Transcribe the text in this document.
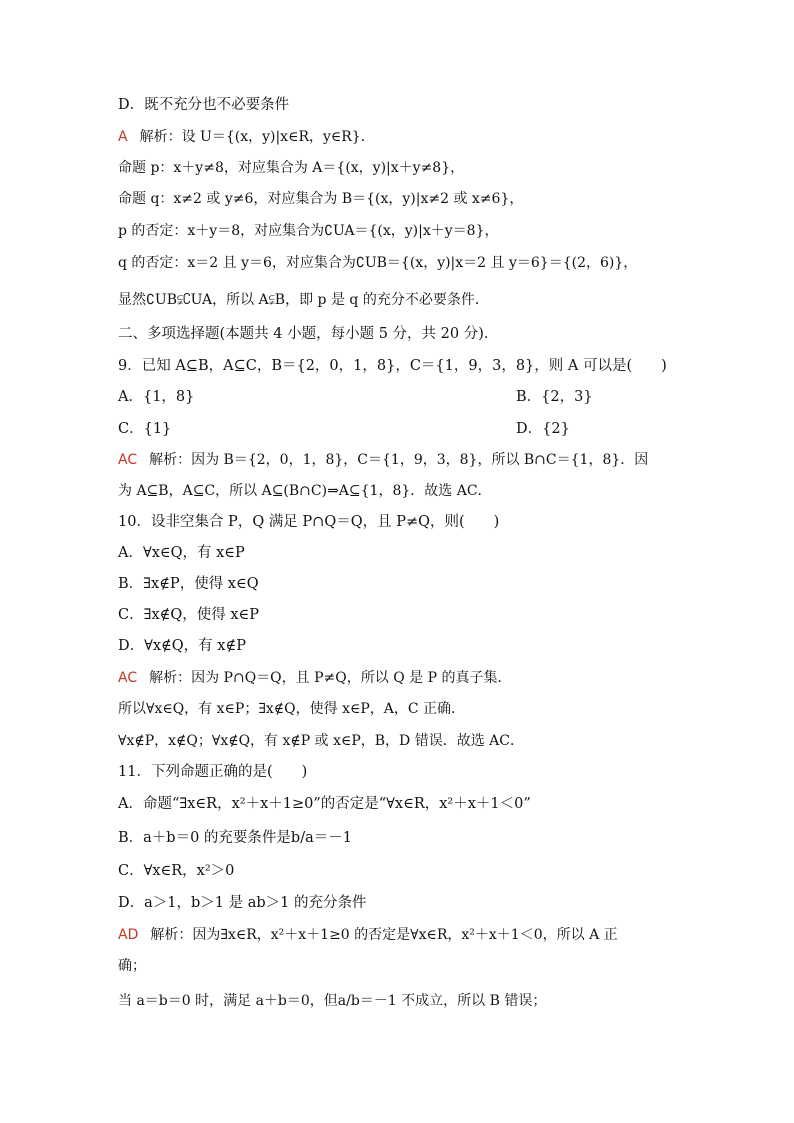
D．既不充分也不必要条件
A 解析：设 U＝{(x，y)|x∈R，y∈R}．
命题 p：x＋y≠8，对应集合为 A＝{(x，y)|x＋y≠8}，
命题 q：x≠2 或 y≠6，对应集合为 B＝{(x，y)|x≠2 或 x≠6}，
p 的否定：x＋y＝8，对应集合为∁UA＝{(x，y)|x＋y＝8}，
q 的否定：x＝2 且 y＝6，对应集合为∁UB＝{(x，y)|x＝2 且 y＝6}＝{(2，6)}，
显然∁UB⫋∁UA，所以 A⫋B，即 p 是 q 的充分不必要条件．
二、多项选择题(本题共 4 小题，每小题 5 分，共 20 分)．
9．已知 A⊆B，A⊆C，B＝{2，0，1，8}，C＝{1，9，3，8}，则 A 可以是(　　)
A．{1，8}	B．{2，3}
C．{1}	D．{2}
AC 解析：因为 B＝{2，0，1，8}，C＝{1，9，3，8}，所以 B∩C＝{1，8}．因
为 A⊆B，A⊆C，所以 A⊆(B∩C)⇒A⊆{1，8}．故选 AC．
10．设非空集合 P，Q 满足 P∩Q＝Q，且 P≠Q，则(　　)
A．∀x∈Q，有 x∈P
B．∃x∉P，使得 x∈Q
C．∃x∉Q，使得 x∈P
D．∀x∉Q，有 x∉P
AC 解析：因为 P∩Q＝Q，且 P≠Q，所以 Q 是 P 的真子集．
所以∀x∈Q，有 x∈P；∃x∉Q，使得 x∈P，A，C 正确．
∀x∉P，x∉Q；∀x∉Q，有 x∉P 或 x∈P，B，D 错误．故选 AC．
11．下列命题正确的是(　　)
A．命题“∃x∈R，x²＋x＋1≥0”的否定是“∀x∈R，x²＋x＋1＜0”
B．a＋b＝0 的充要条件是b/a＝－1
C．∀x∈R，x²＞0
D．a＞1，b＞1 是 ab＞1 的充分条件
AD 解析：因为∃x∈R，x²＋x＋1≥0 的否定是∀x∈R，x²＋x＋1＜0，所以 A 正
确；
当 a＝b＝0 时，满足 a＋b＝0，但a/b＝－1 不成立，所以 B 错误；
